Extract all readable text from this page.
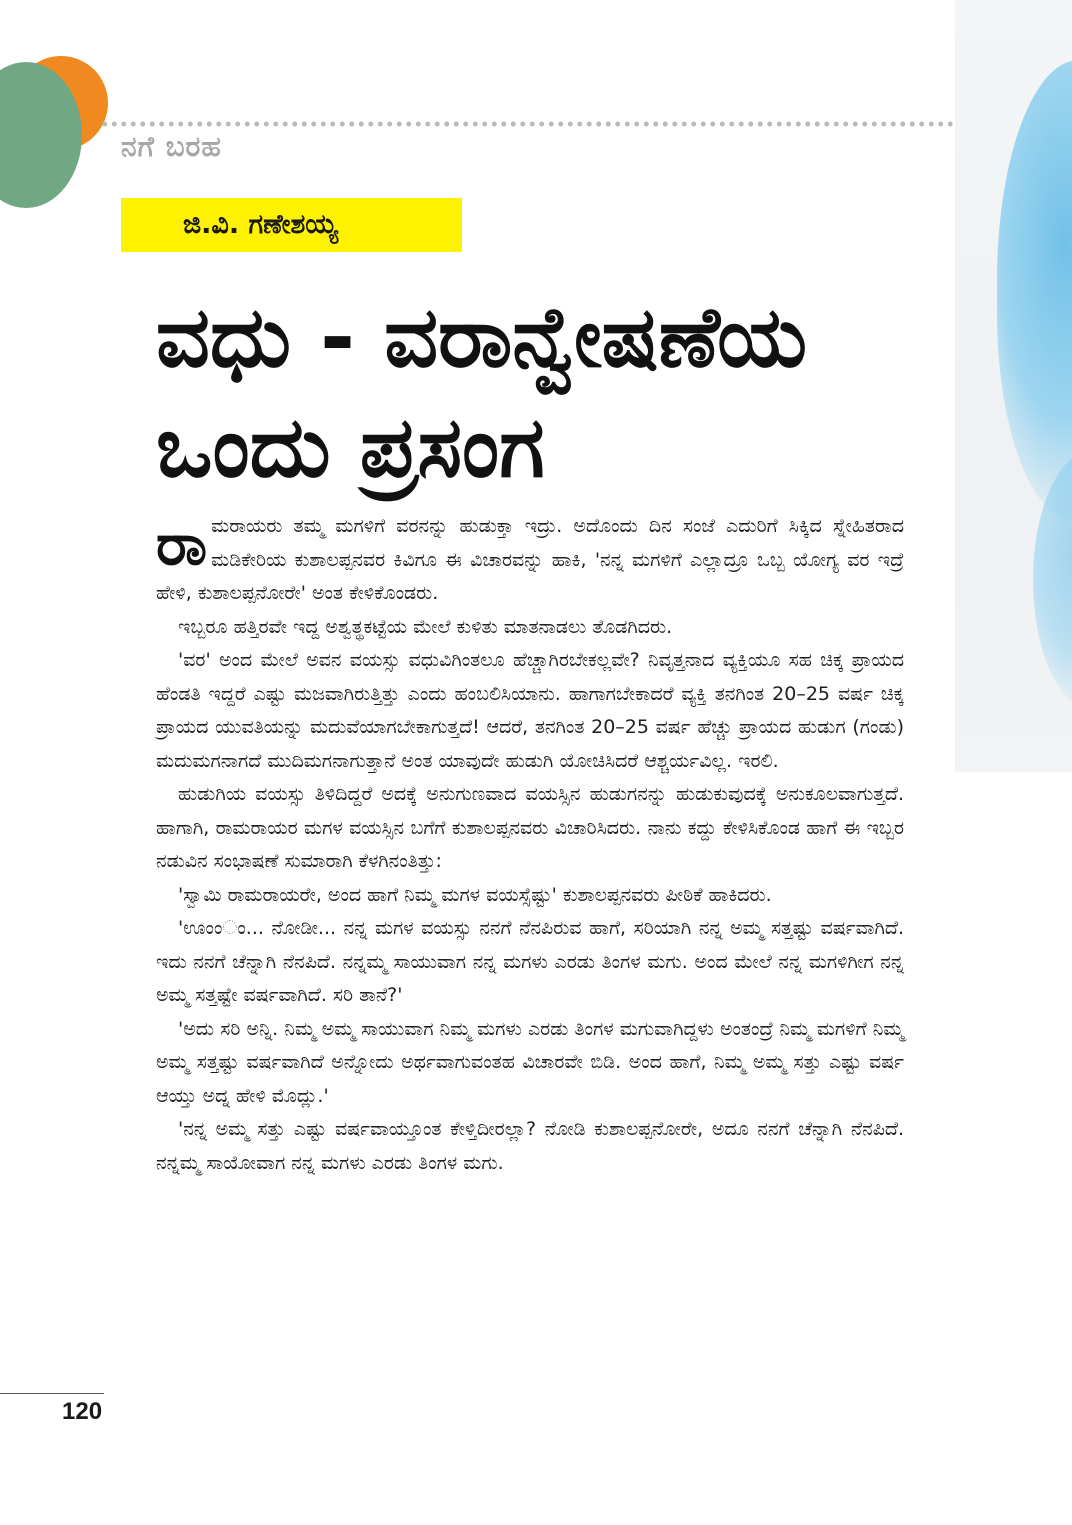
ನಗೆ ಬರಹ
ಜಿ.ವಿ. ಗಣೇಶಯ್ಯ
ವಧು - ವರಾನ್ವೇಷಣೆಯ
ಒಂದು ಪ್ರಸಂಗ

ರಾಮರಾಯರು ತಮ್ಮ ಮಗಳಿಗೆ ವರನನ್ನು ಹುಡುಕ್ತಾ ಇದ್ರು. ಅದೊಂದು ದಿನ ಸಂಜೆ ಎದುರಿಗೆ ಸಿಕ್ಕಿದ ಸ್ನೇಹಿತರಾದ ಮಡಿಕೇರಿಯ ಕುಶಾಲಪ್ಪನವರ ಕಿವಿಗೂ ಈ ವಿಚಾರವನ್ನು ಹಾಕಿ, 'ನನ್ನ ಮಗಳಿಗೆ ಎಲ್ಲಾದ್ರೂ ಒಬ್ಬ ಯೋಗ್ಯ ವರ ಇದ್ರೆ ಹೇಳಿ, ಕುಶಾಲಪ್ಪನೋರೇ' ಅಂತ ಕೇಳಿಕೊಂಡರು.

ಇಬ್ಬರೂ ಹತ್ತಿರವೇ ಇದ್ದ ಅಶ್ವತ್ಥಕಟ್ಟೆಯ ಮೇಲೆ ಕುಳಿತು ಮಾತನಾಡಲು ತೊಡಗಿದರು.

'ವರ' ಅಂದ ಮೇಲೆ ಅವನ ವಯಸ್ಸು ವಧುವಿಗಿಂತಲೂ ಹೆಚ್ಚಾಗಿರಬೇಕಲ್ಲವೇ? ನಿವೃತ್ತನಾದ ವ್ಯಕ್ತಿಯೂ ಸಹ ಚಿಕ್ಕ ಪ್ರಾಯದ ಹೆಂಡತಿ ಇದ್ದರೆ ಎಷ್ಟು ಮಜವಾಗಿರುತ್ತಿತ್ತು ಎಂದು ಹಂಬಲಿಸಿಯಾನು. ಹಾಗಾಗಬೇಕಾದರೆ ವ್ಯಕ್ತಿ ತನಗಿಂತ 20–25 ವರ್ಷ ಚಿಕ್ಕ ಪ್ರಾಯದ ಯುವತಿಯನ್ನು ಮದುವೆಯಾಗಬೇಕಾಗುತ್ತದೆ! ಆದರೆ, ತನಗಿಂತ 20–25 ವರ್ಷ ಹೆಚ್ಚು ಪ್ರಾಯದ ಹುಡುಗ (ಗಂಡು) ಮದುಮಗನಾಗದೆ ಮುದಿಮಗನಾಗುತ್ತಾನೆ ಅಂತ ಯಾವುದೇ ಹುಡುಗಿ ಯೋಚಿಸಿದರೆ ಆಶ್ಚರ್ಯವಿಲ್ಲ. ಇರಲಿ.

ಹುಡುಗಿಯ ವಯಸ್ಸು ತಿಳಿದಿದ್ದರೆ ಅದಕ್ಕೆ ಅನುಗುಣವಾದ ವಯಸ್ಸಿನ ಹುಡುಗನನ್ನು ಹುಡುಕುವುದಕ್ಕೆ ಅನುಕೂಲವಾಗುತ್ತದೆ. ಹಾಗಾಗಿ, ರಾಮರಾಯರ ಮಗಳ ವಯಸ್ಸಿನ ಬಗೆಗೆ ಕುಶಾಲಪ್ಪನವರು ವಿಚಾರಿಸಿದರು. ನಾನು ಕದ್ದು ಕೇಳಿಸಿಕೊಂಡ ಹಾಗೆ ಈ ಇಬ್ಬರ ನಡುವಿನ ಸಂಭಾಷಣೆ ಸುಮಾರಾಗಿ ಕೆಳಗಿನಂತಿತ್ತು:

'ಸ್ವಾಮಿ ರಾಮರಾಯರೇ, ಅಂದ ಹಾಗೆ ನಿಮ್ಮ ಮಗಳ ವಯಸ್ಸೆಷ್ಟು' ಕುಶಾಲಪ್ಪನವರು ಪೀಠಿಕೆ ಹಾಕಿದರು.

'ಊಂಂಂ... ನೋಡೀ... ನನ್ನ ಮಗಳ ವಯಸ್ಸು ನನಗೆ ನೆನಪಿರುವ ಹಾಗೆ, ಸರಿಯಾಗಿ ನನ್ನ ಅಮ್ಮ ಸತ್ತಷ್ಟು ವರ್ಷವಾಗಿದೆ. ಇದು ನನಗೆ ಚೆನ್ನಾಗಿ ನೆನಪಿದೆ. ನನ್ನಮ್ಮ ಸಾಯುವಾಗ ನನ್ನ ಮಗಳು ಎರಡು ತಿಂಗಳ ಮಗು. ಅಂದ ಮೇಲೆ ನನ್ನ ಮಗಳಿಗೀಗ ನನ್ನ ಅಮ್ಮ ಸತ್ತಷ್ಟೇ ವರ್ಷವಾಗಿದೆ. ಸರಿ ತಾನೆ?'

'ಅದು ಸರಿ ಅನ್ನಿ. ನಿಮ್ಮ ಅಮ್ಮ ಸಾಯುವಾಗ ನಿಮ್ಮ ಮಗಳು ಎರಡು ತಿಂಗಳ ಮಗುವಾಗಿದ್ದಳು ಅಂತಂದ್ರೆ ನಿಮ್ಮ ಮಗಳಿಗೆ ನಿಮ್ಮ ಅಮ್ಮ ಸತ್ತಷ್ಟು ವರ್ಷವಾಗಿದೆ ಅನ್ನೋದು ಅರ್ಥವಾಗುವಂತಹ ವಿಚಾರವೇ ಬಿಡಿ. ಅಂದ ಹಾಗೆ, ನಿಮ್ಮ ಅಮ್ಮ ಸತ್ತು ಎಷ್ಟು ವರ್ಷ ಆಯ್ತು ಅದ್ನ ಹೇಳಿ ಮೊದ್ಲು.'

'ನನ್ನ ಅಮ್ಮ ಸತ್ತು ಎಷ್ಟು ವರ್ಷವಾಯ್ತೂಂತ ಕೇಳ್ತಿದೀರಲ್ಲಾ? ನೋಡಿ ಕುಶಾಲಪ್ಪನೋರೇ, ಅದೂ ನನಗೆ ಚೆನ್ನಾಗಿ ನೆನಪಿದೆ. ನನ್ನಮ್ಮ ಸಾಯೋವಾಗ ನನ್ನ ಮಗಳು ಎರಡು ತಿಂಗಳ ಮಗು.

120
